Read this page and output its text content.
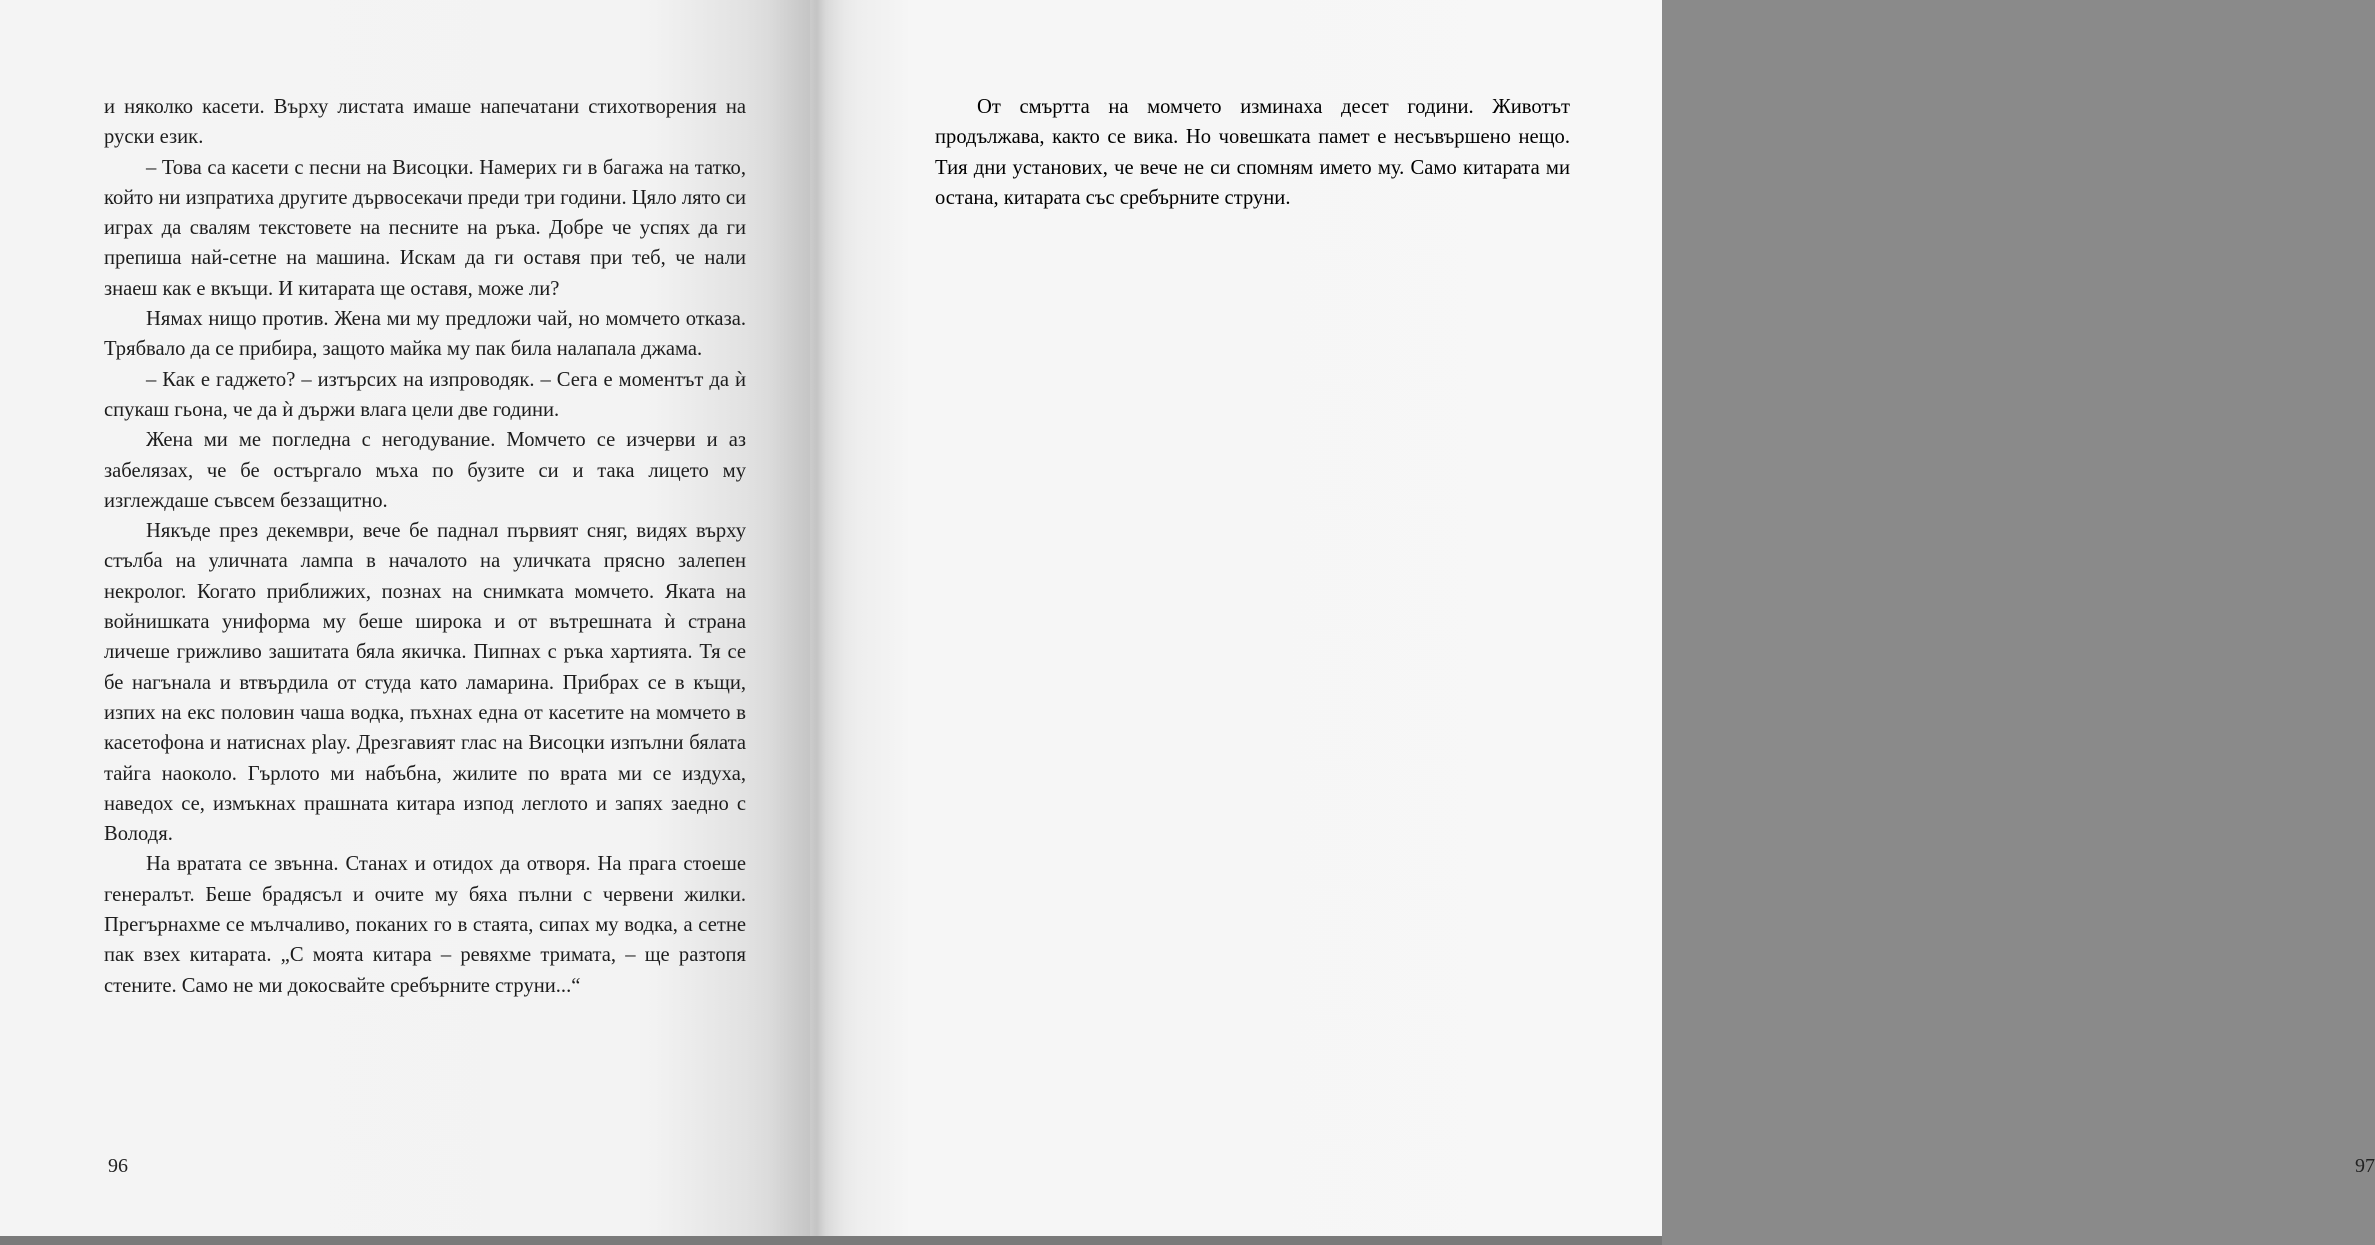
и няколко касети. Върху листата имаше напечатани стихотворения на руски език.

– Това са касети с песни на Висоцки. Намерих ги в багажа на татко, който ни изпратиха другите дървосекачи преди три години. Цяло лято си играх да свалям текстовете на песните на ръка. Добре че успях да ги препиша най-сетне на машина. Искам да ги оставя при теб, че нали знаеш как е вкъщи. И китарата ще оставя, може ли?

Нямах нищо против. Жена ми му предложи чай, но момчето отказа. Трябвало да се прибира, защото майка му пак била налапала джама.

– Как е гаджето? – изтърсих на изпроводяк. – Сега е моментът да ѝ спукаш гьона, че да ѝ държи влага цели две години.

Жена ми ме погледна с негодувание. Момчето се изчерви и аз забелязах, че бе остъргало мъха по бузите си и така лицето му изглеждаше съвсем беззащитно.

Някъде през декември, вече бе паднал първият сняг, видях върху стълба на уличната лампа в началото на уличката прясно залепен некролог. Когато приближих, познах на снимката момчето. Яката на войнишката униформа му беше широка и от вътрешната ѝ страна личеше грижливо зашитата бяла якичка. Пипнах с ръка хартията. Тя се бе нагънала и втвърдила от студа като ламарина. Прибрах се в къщи, изпих на екс половин чаша водка, пъхнах една от касетите на момчето в касетофона и натиснах play. Дрезгавият глас на Висоцки изпълни бялата тайга наоколо. Гърлото ми набъбна, жилите по врата ми се издуха, наведох се, измъкнах прашната китара изпод леглото и запях заедно с Володя.

На вратата се звънна. Станах и отидох да отворя. На прага стоеше генералът. Беше брадясъл и очите му бяха пълни с червени жилки. Прегърнахме се мълчаливо, поканих го в стаята, сипах му водка, а сетне пак взех китарата. „С моята китара – ревяхме тримата, – ще разтопя стените. Само не ми докосвайте сребърните струни...“

96	97

От смъртта на момчето изминаха десет години. Животът продължава, както се вика. Но човешката памет е несъвършено нещо. Тия дни установих, че вече не си спомням името му. Само китарата ми остана, китарата със сребърните струни.
